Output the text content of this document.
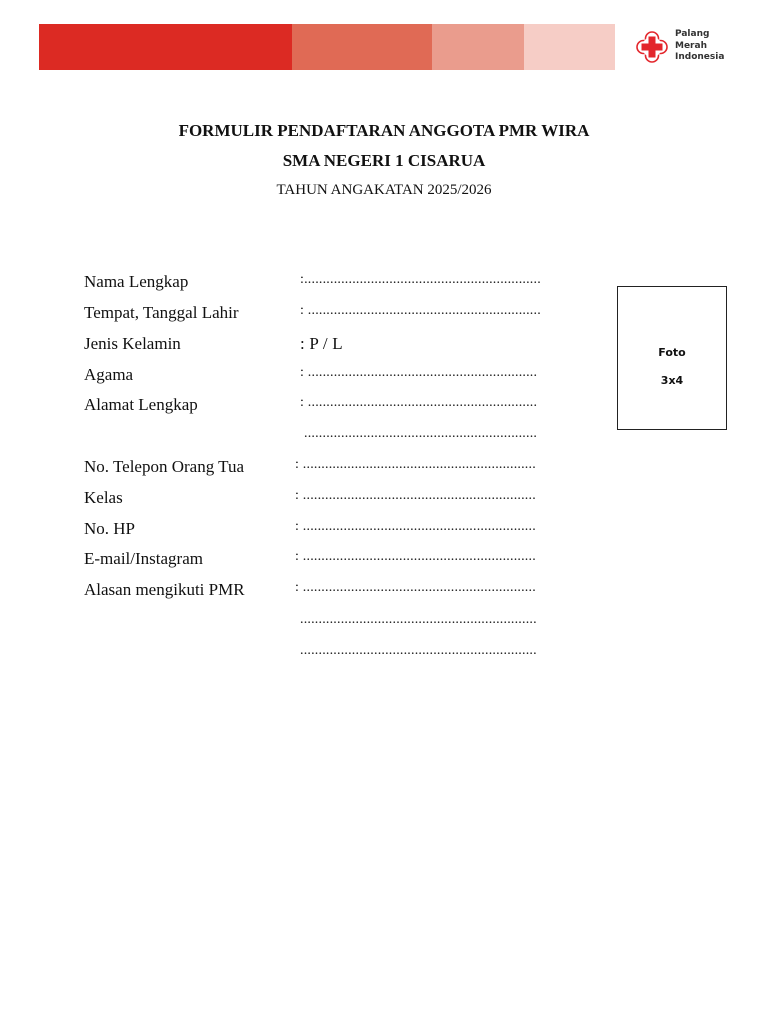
Palang
Merah
Indonesia
FORMULIR PENDAFTARAN ANGGOTA PMR WIRA
SMA NEGERI 1 CISARUA
TAHUN ANGAKATAN 2025/2026
Nama Lengkap	:................................................................
Tempat, Tanggal Lahir	: ...............................................................
Jenis Kelamin	: P / L
Agama	: ..............................................................
Alamat Lengkap	: ..............................................................
...............................................................
No. Telepon Orang Tua	: ...............................................................
Kelas	: ...............................................................
No. HP	: ...............................................................
E-mail/Instagram	: ...............................................................
Alasan mengikuti PMR	: ...............................................................
................................................................
................................................................
Foto
3x4
